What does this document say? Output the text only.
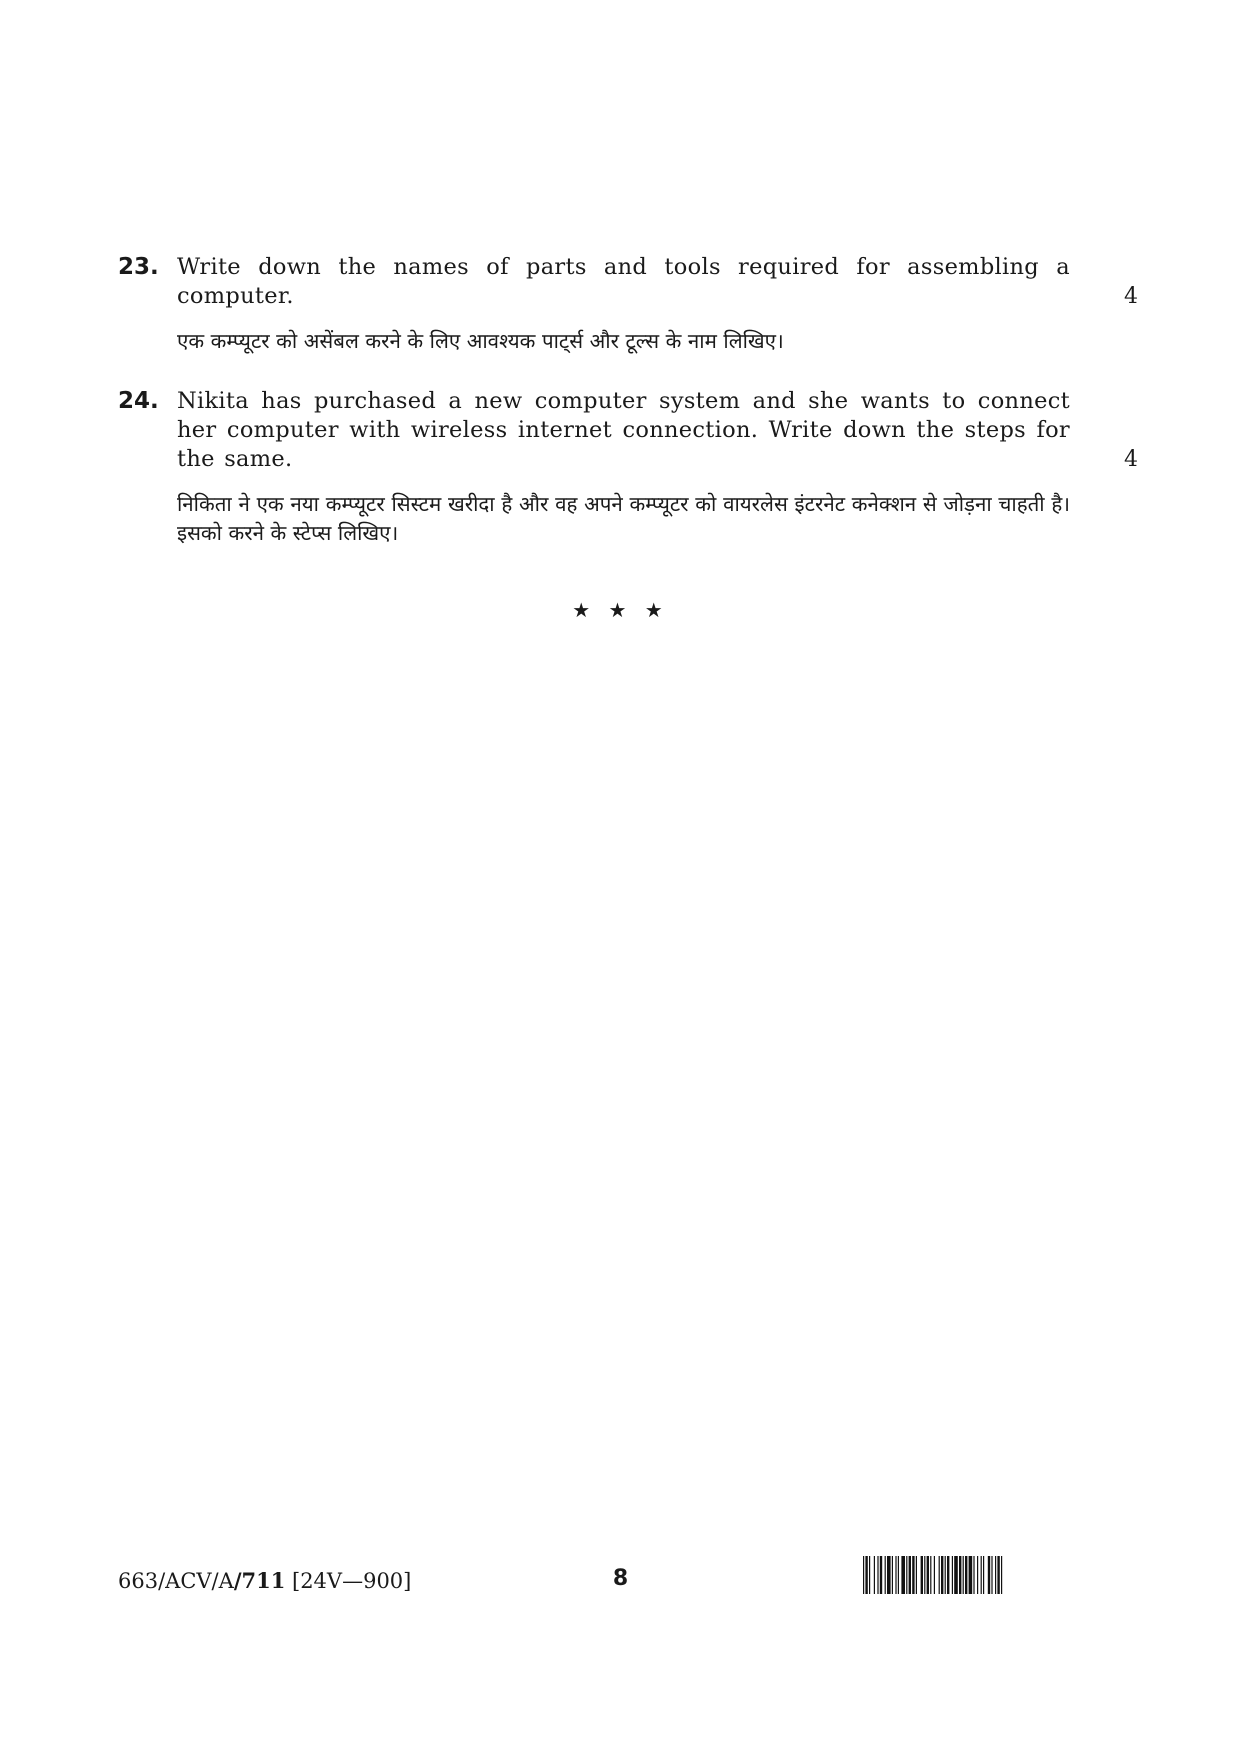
23. Write down the names of parts and tools required for assembling a computer.
एक कम्प्यूटर को असेंबल करने के लिए आवश्यक पाट्‌र्स और टूल्स के नाम लिखिए।
4
24. Nikita has purchased a new computer system and she wants to connect her computer with wireless internet connection. Write down the steps for the same.
निकिता ने एक नया कम्प्यूटर सिस्टम खरीदा है और वह अपने कम्प्यूटर को वायरलेस इंटरनेट कनेक्शन से जोड़ना चाहती है। इसको करने के स्टेप्स लिखिए।
4
★ ★ ★
663/ACV/A/711 [24V—900]	8
